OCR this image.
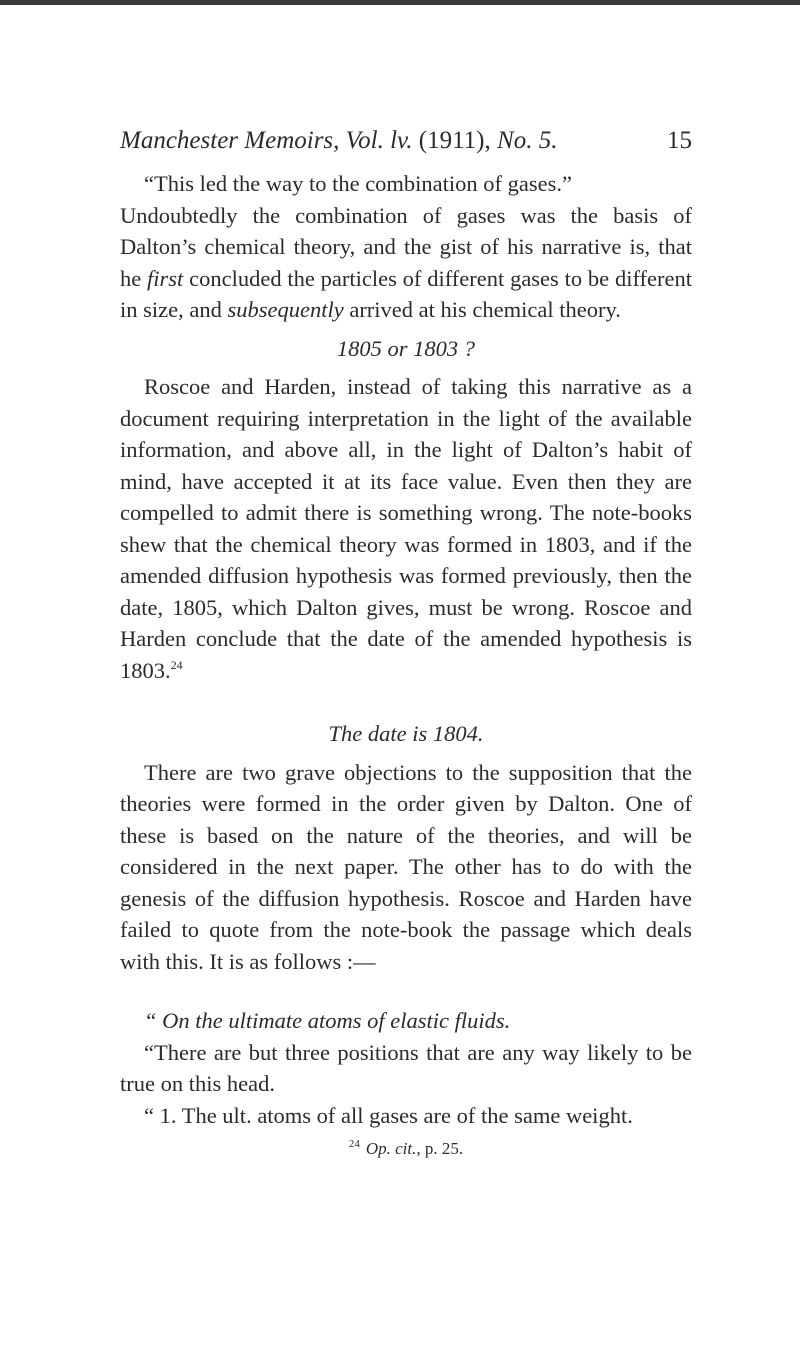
Manchester Memoirs, Vol. lv. (1911), No. 5.	15

“This led the way to the combination of gases.”

Undoubtedly the combination of gases was the basis of Dalton’s chemical theory, and the gist of his narrative is, that he first concluded the particles of different gases to be different in size, and subsequently arrived at his chemical theory.

1805 or 1803 ?

Roscoe and Harden, instead of taking this narrative as a document requiring interpretation in the light of the available information, and above all, in the light of Dalton’s habit of mind, have accepted it at its face value. Even then they are compelled to admit there is something wrong. The note-books shew that the chemical theory was formed in 1803, and if the amended diffusion hypothesis was formed previously, then the date, 1805, which Dalton gives, must be wrong. Roscoe and Harden conclude that the date of the amended hypothesis is 1803.24

The date is 1804.

There are two grave objections to the supposition that the theories were formed in the order given by Dalton. One of these is based on the nature of the theories, and will be considered in the next paper. The other has to do with the genesis of the diffusion hypothesis. Roscoe and Harden have failed to quote from the note-book the passage which deals with this. It is as follows :—

“ On the ultimate atoms of elastic fluids.

“There are but three positions that are any way likely to be true on this head.

“ 1. The ult. atoms of all gases are of the same weight.

$^{24}$ Op. cit., p. 25.
